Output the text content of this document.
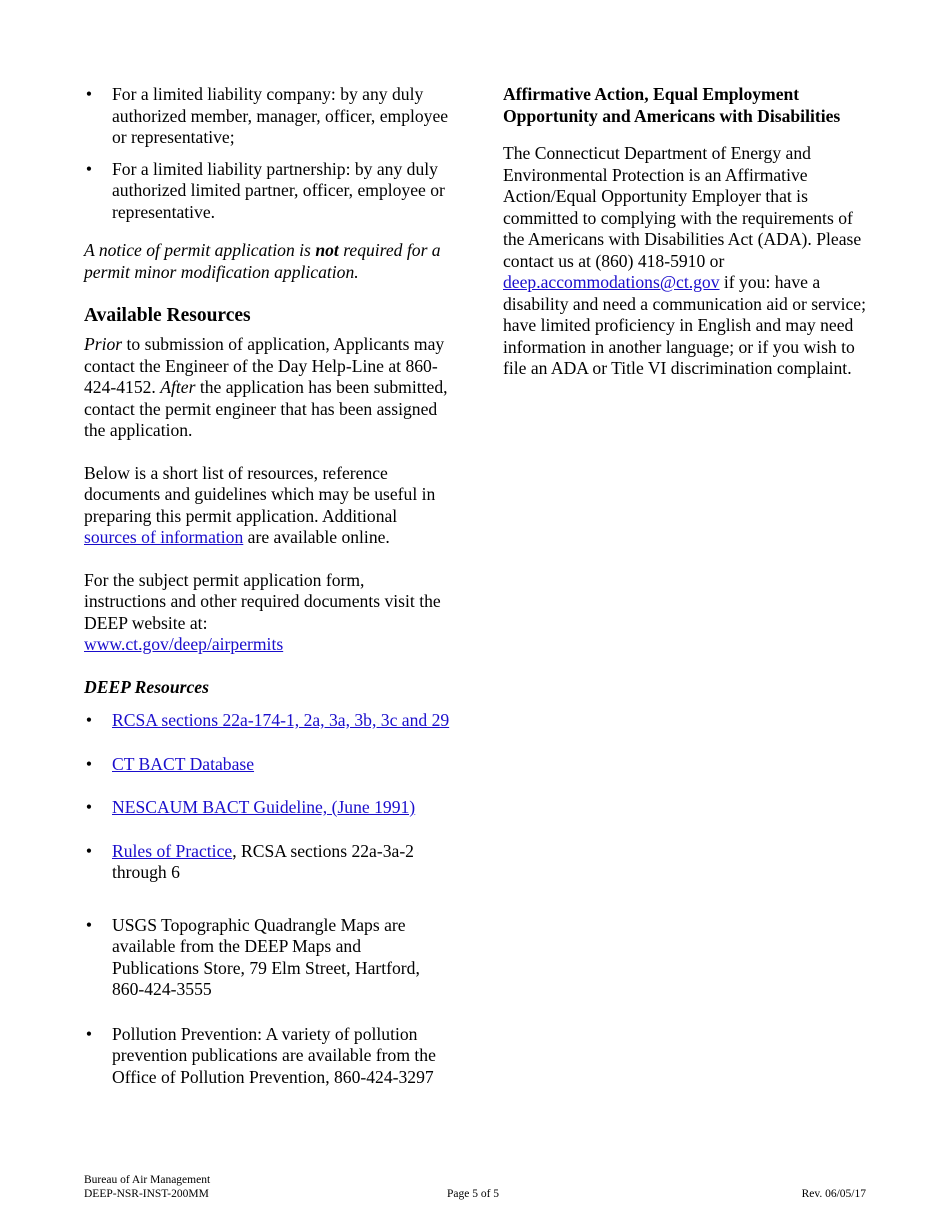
• For a limited liability company: by any duly authorized member, manager, officer, employee or representative;
• For a limited liability partnership: by any duly authorized limited partner, officer, employee or representative.

A notice of permit application is not required for a permit minor modification application.

Available Resources

Prior to submission of application, Applicants may contact the Engineer of the Day Help-Line at 860-424-4152. After the application has been submitted, contact the permit engineer that has been assigned the application.

Below is a short list of resources, reference documents and guidelines which may be useful in preparing this permit application. Additional sources of information are available online.

For the subject permit application form, instructions and other required documents visit the DEEP website at:
www.ct.gov/deep/airpermits

DEEP Resources
• RCSA sections 22a-174-1, 2a, 3a, 3b, 3c and 29
• CT BACT Database
• NESCAUM BACT Guideline, (June 1991)
• Rules of Practice, RCSA sections 22a-3a-2 through 6
• USGS Topographic Quadrangle Maps are available from the DEEP Maps and Publications Store, 79 Elm Street, Hartford, 860-424-3555
• Pollution Prevention: A variety of pollution prevention publications are available from the Office of Pollution Prevention, 860-424-3297
Affirmative Action, Equal Employment Opportunity and Americans with Disabilities

The Connecticut Department of Energy and Environmental Protection is an Affirmative Action/Equal Opportunity Employer that is committed to complying with the requirements of the Americans with Disabilities Act (ADA). Please contact us at (860) 418-5910 or deep.accommodations@ct.gov if you: have a disability and need a communication aid or service; have limited proficiency in English and may need information in another language; or if you wish to file an ADA or Title VI discrimination complaint.

Bureau of Air Management
DEEP-NSR-INST-200MM	Page 5 of 5	Rev. 06/05/17
